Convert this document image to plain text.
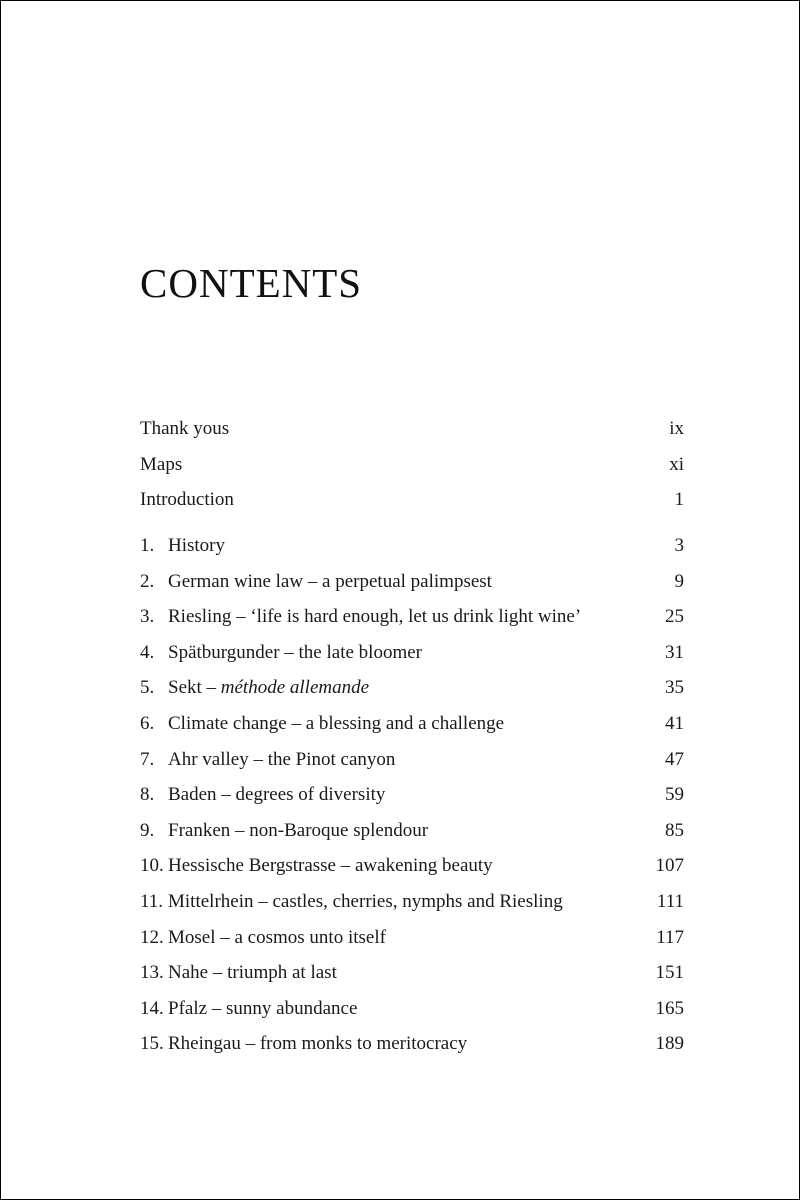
CONTENTS
Thank yous	ix
Maps	xi
Introduction	1
1. History	3
2. German wine law – a perpetual palimpsest	9
3. Riesling – ‘life is hard enough, let us drink light wine’	25
4. Spätburgunder – the late bloomer	31
5. Sekt – méthode allemande	35
6. Climate change – a blessing and a challenge	41
7. Ahr valley – the Pinot canyon	47
8. Baden – degrees of diversity	59
9. Franken – non-Baroque splendour	85
10. Hessische Bergstrasse – awakening beauty	107
11. Mittelrhein – castles, cherries, nymphs and Riesling	111
12. Mosel – a cosmos unto itself	117
13. Nahe – triumph at last	151
14. Pfalz – sunny abundance	165
15. Rheingau – from monks to meritocracy	189
